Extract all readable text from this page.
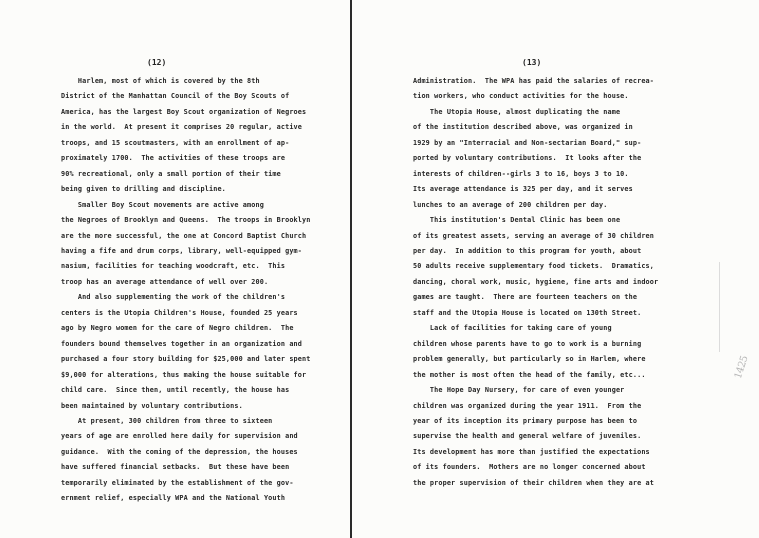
(12)
Harlem, most of which is covered by the 8th
District of the Manhattan Council of the Boy Scouts of
America, has the largest Boy Scout organization of Negroes
in the world.  At present it comprises 20 regular, active
troops, and 15 scoutmasters, with an enrollment of ap-
proximately 1700.  The activities of these troops are
90% recreational, only a small portion of their time
being given to drilling and discipline.
Smaller Boy Scout movements are active among
the Negroes of Brooklyn and Queens.  The troops in Brooklyn
are the more successful, the one at Concord Baptist Church
having a fife and drum corps, library, well-equipped gym-
nasium, facilities for teaching woodcraft, etc.  This
troop has an average attendance of well over 200.
And also supplementing the work of the children's
centers is the Utopia Children's House, founded 25 years
ago by Negro women for the care of Negro children.  The
founders bound themselves together in an organization and
purchased a four story building for $25,000 and later spent
$9,000 for alterations, thus making the house suitable for
child care.  Since then, until recently, the house has
been maintained by voluntary contributions.
At present, 300 children from three to sixteen
years of age are enrolled here daily for supervision and
guidance.  With the coming of the depression, the houses
have suffered financial setbacks.  But these have been
temporarily eliminated by the establishment of the gov-
ernment relief, especially WPA and the National Youth
(13)
Administration.  The WPA has paid the salaries of recrea-
tion workers, who conduct activities for the house.
The Utopia House, almost duplicating the name
of the institution described above, was organized in
1929 by an "Interracial and Non-sectarian Board," sup-
ported by voluntary contributions.  It looks after the
interests of children--girls 3 to 16, boys 3 to 10.
Its average attendance is 325 per day, and it serves
lunches to an average of 200 children per day.
This institution's Dental Clinic has been one
of its greatest assets, serving an average of 30 children
per day.  In addition to this program for youth, about
50 adults receive supplementary food tickets.  Dramatics,
dancing, choral work, music, hygiene, fine arts and indoor
games are taught.  There are fourteen teachers on the
staff and the Utopia House is located on 130th Street.
Lack of facilities for taking care of young
children whose parents have to go to work is a burning
problem generally, but particularly so in Harlem, where
the mother is most often the head of the family, etc...
The Hope Day Nursery, for care of even younger
children was organized during the year 1911.  From the
year of its inception its primary purpose has been to
supervise the health and general welfare of juveniles.
Its development has more than justified the expectations
of its founders.  Mothers are no longer concerned about
the proper supervision of their children when they are at
1425
